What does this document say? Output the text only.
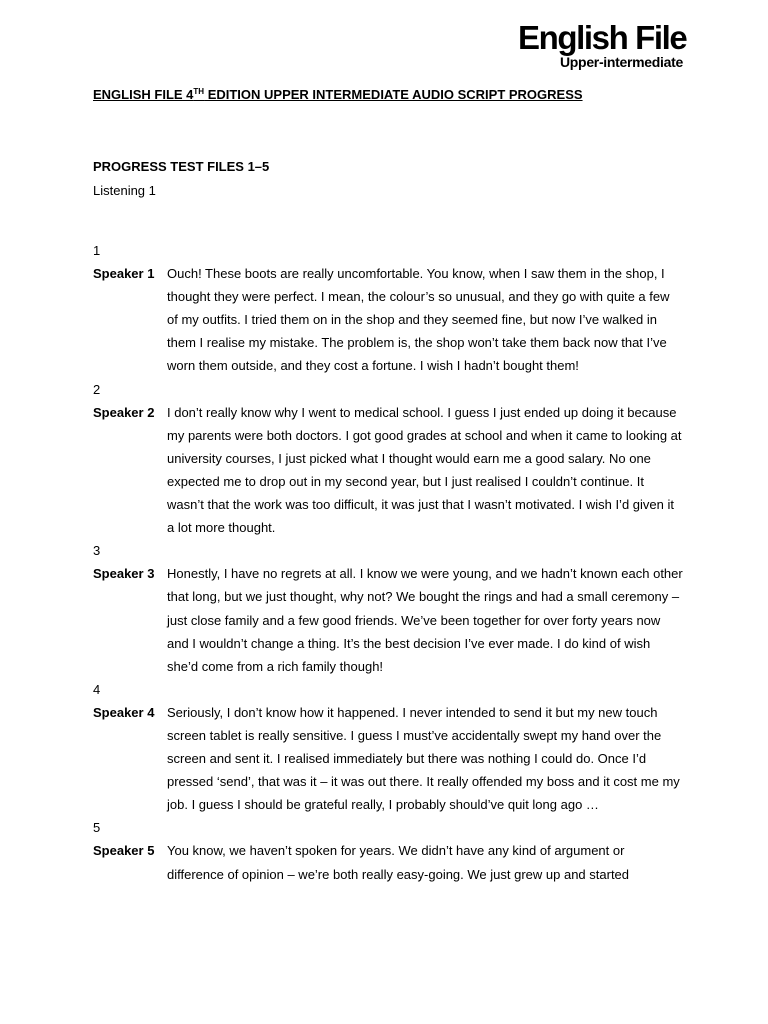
English File
Upper-intermediate
ENGLISH FILE 4TH EDITION UPPER INTERMEDIATE AUDIO SCRIPT PROGRESS
PROGRESS TEST FILES 1–5
Listening 1
1
Speaker 1 Ouch! These boots are really uncomfortable. You know, when I saw them in the shop, I thought they were perfect. I mean, the colour’s so unusual, and they go with quite a few of my outfits. I tried them on in the shop and they seemed fine, but now I’ve walked in them I realise my mistake. The problem is, the shop won’t take them back now that I’ve worn them outside, and they cost a fortune. I wish I hadn’t bought them!
2
Speaker 2 I don’t really know why I went to medical school. I guess I just ended up doing it because my parents were both doctors. I got good grades at school and when it came to looking at university courses, I just picked what I thought would earn me a good salary. No one expected me to drop out in my second year, but I just realised I couldn’t continue. It wasn’t that the work was too difficult, it was just that I wasn’t motivated. I wish I’d given it a lot more thought.
3
Speaker 3 Honestly, I have no regrets at all. I know we were young, and we hadn’t known each other that long, but we just thought, why not? We bought the rings and had a small ceremony – just close family and a few good friends. We’ve been together for over forty years now and I wouldn’t change a thing. It’s the best decision I’ve ever made. I do kind of wish she’d come from a rich family though!
4
Speaker 4 Seriously, I don’t know how it happened. I never intended to send it but my new touch screen tablet is really sensitive. I guess I must’ve accidentally swept my hand over the screen and sent it. I realised immediately but there was nothing I could do. Once I’d pressed ‘send’, that was it – it was out there. It really offended my boss and it cost me my job. I guess I should be grateful really, I probably should’ve quit long ago …
5
Speaker 5 You know, we haven’t spoken for years. We didn’t have any kind of argument or difference of opinion – we’re both really easy-going. We just grew up and started
